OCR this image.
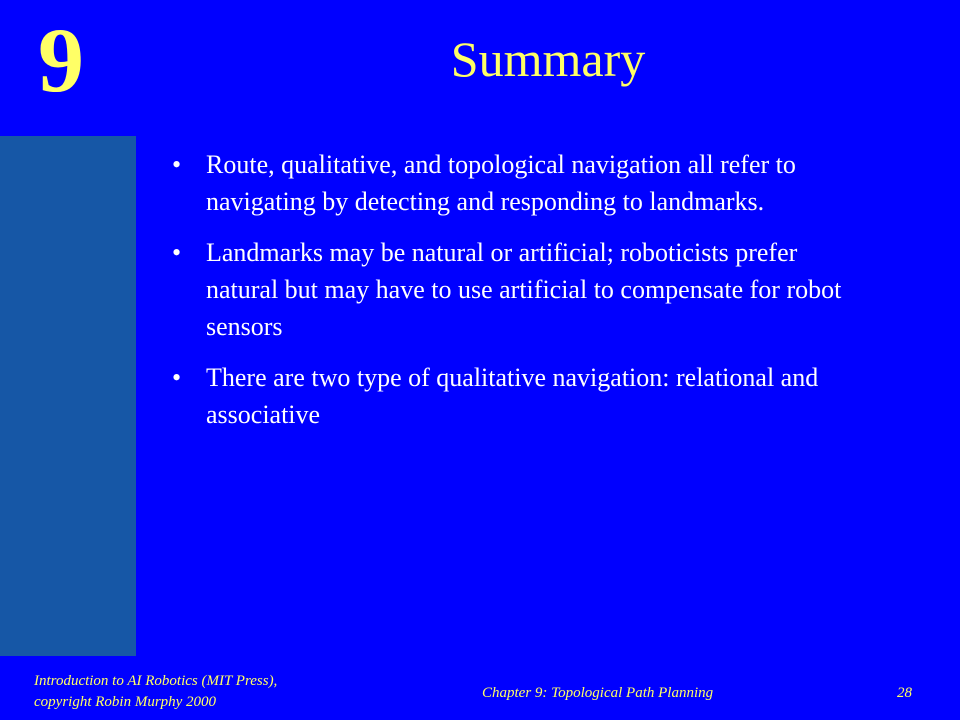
9	Summary
• Route, qualitative, and topological navigation all refer to navigating by detecting and responding to landmarks.
• Landmarks may be natural or artificial; roboticists prefer natural but may have to use artificial to compensate for robot sensors
• There are two type of qualitative navigation: relational and associative
Introduction to AI Robotics (MIT Press),
copyright Robin Murphy 2000
Chapter 9: Topological Path Planning	28
